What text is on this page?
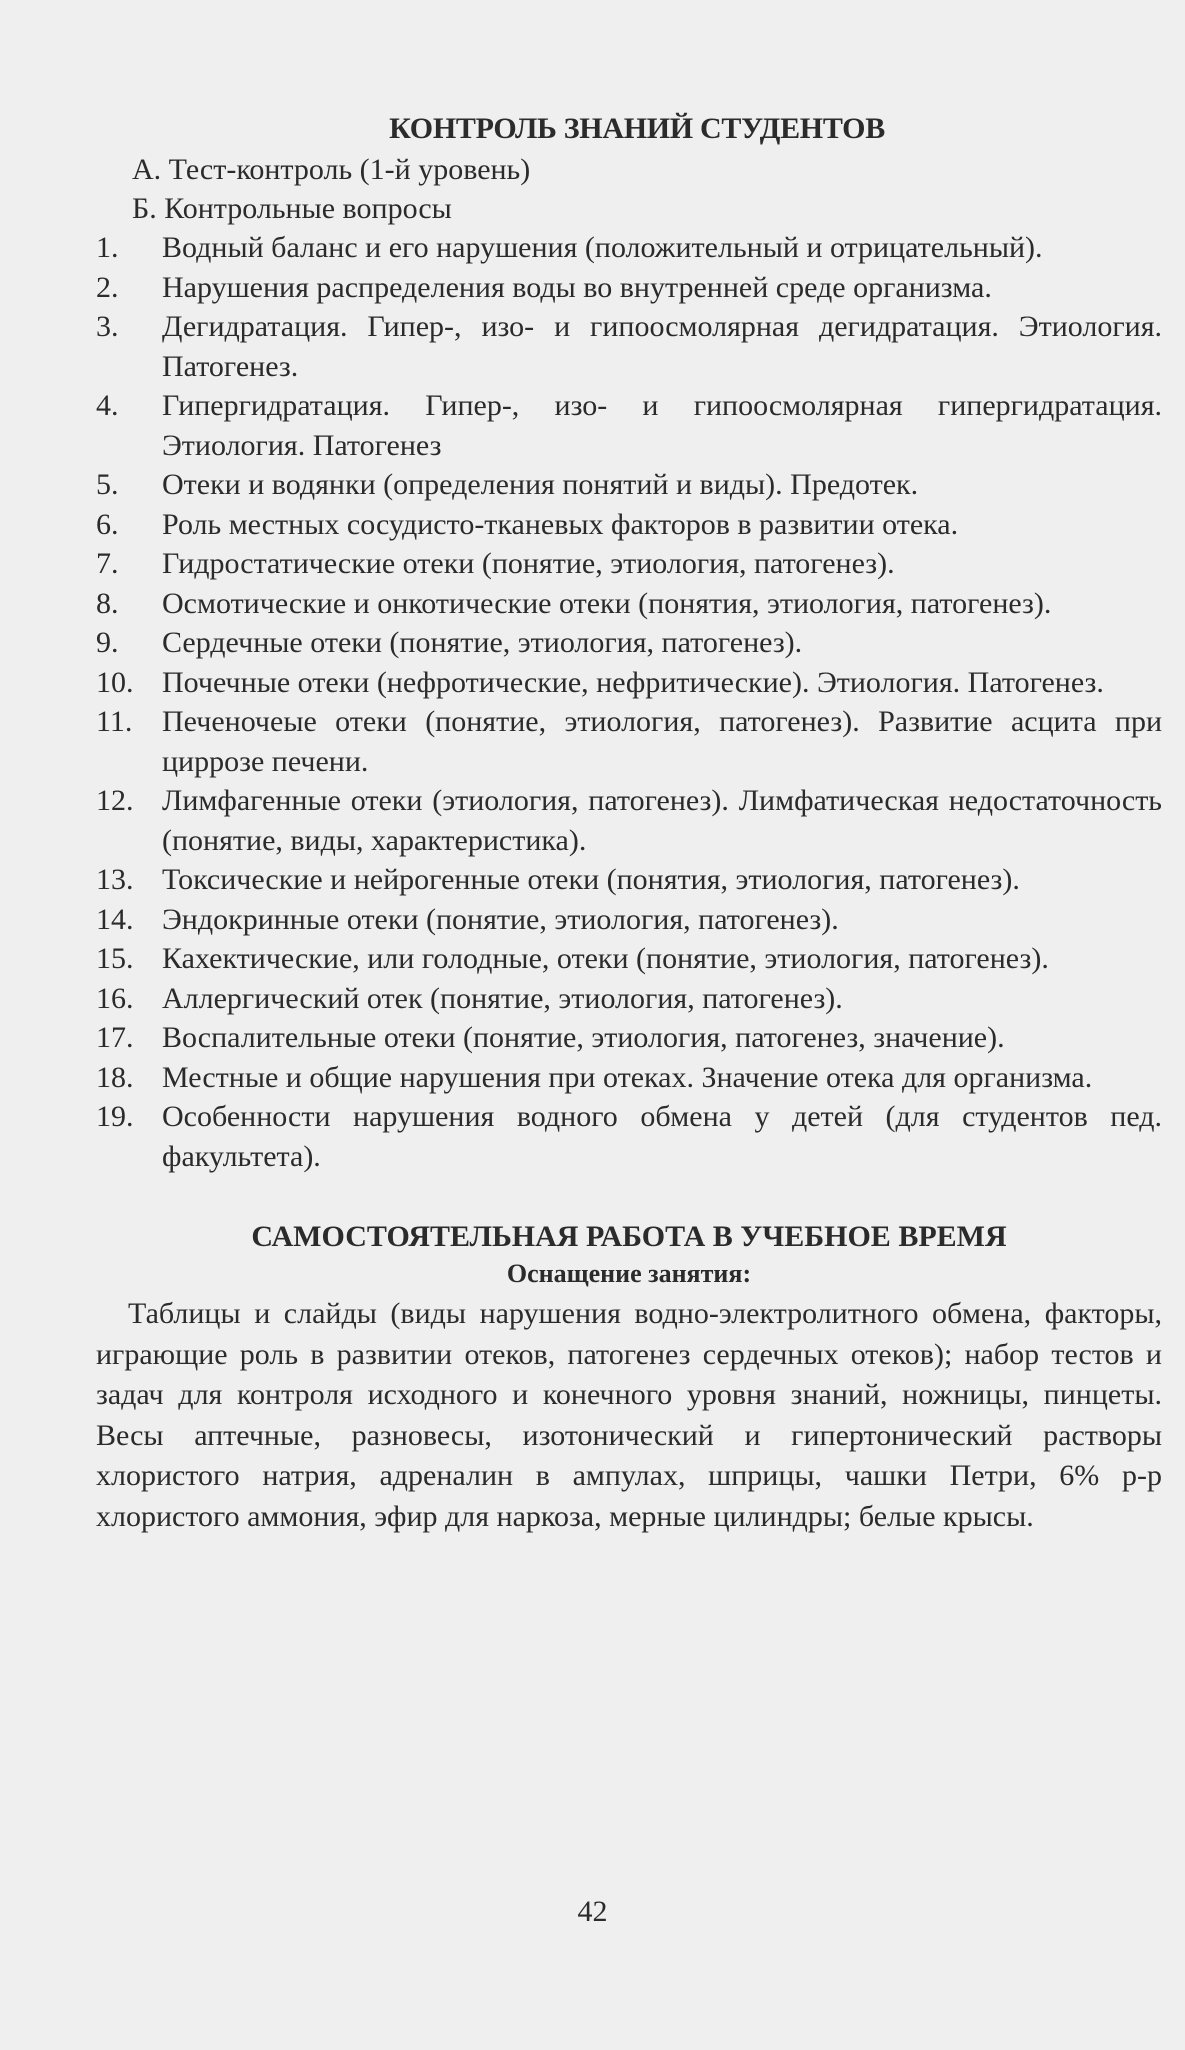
КОНТРОЛЬ ЗНАНИЙ СТУДЕНТОВ
А. Тест-контроль (1-й уровень)
Б. Контрольные вопросы
1.	Водный баланс и его нарушения (положительный и отрицательный).
2.	Нарушения распределения воды во внутренней среде организма.
3.	Дегидратация. Гипер-, изо- и гипоосмолярная дегидратация. Этиология. Патогенез.
4.	Гипергидратация. Гипер-, изо- и гипоосмолярная гипергидратация. Этиология. Патогенез
5.	Отеки и водянки (определения понятий и виды). Предотек.
6.	Роль местных сосудисто-тканевых факторов в развитии отека.
7.	Гидростатические отеки (понятие, этиология, патогенез).
8.	Осмотические и онкотические отеки (понятия, этиология, патогенез).
9.	Сердечные отеки (понятие, этиология, патогенез).
10. Почечные отеки (нефротические, нефритические). Этиология. Патогенез.
11. Печеночеые отеки (понятие, этиология, патогенез). Развитие асцита при циррозе печени.
12. Лимфагенные отеки (этиология, патогенез). Лимфатическая недостаточность (понятие, виды, характеристика).
13. Токсические и нейрогенные отеки (понятия, этиология, патогенез).
14. Эндокринные отеки (понятие, этиология, патогенез).
15. Кахектические, или голодные, отеки (понятие, этиология, патогенез).
16. Аллергический отек (понятие, этиология, патогенез).
17. Воспалительные отеки (понятие, этиология, патогенез, значение).
18. Местные и общие нарушения при отеках. Значение отека для организма.
19. Особенности нарушения водного обмена у детей (для студентов пед. факультета).
САМОСТОЯТЕЛЬНАЯ РАБОТА В УЧЕБНОЕ ВРЕМЯ
Оснащение занятия:

Таблицы и слайды (виды нарушения водно-электролитного обмена, факторы, играющие роль в развитии отеков, патогенез сердечных отеков); набор тестов и задач для контроля исходного и конечного уровня знаний, ножницы, пинцеты. Весы аптечные, разновесы, изотонический и гипертонический растворы хлористого натрия, адреналин в ампулах, шприцы, чашки Петри, 6% р-р хлористого аммония, эфир для наркоза, мерные цилиндры; белые крысы.

42
